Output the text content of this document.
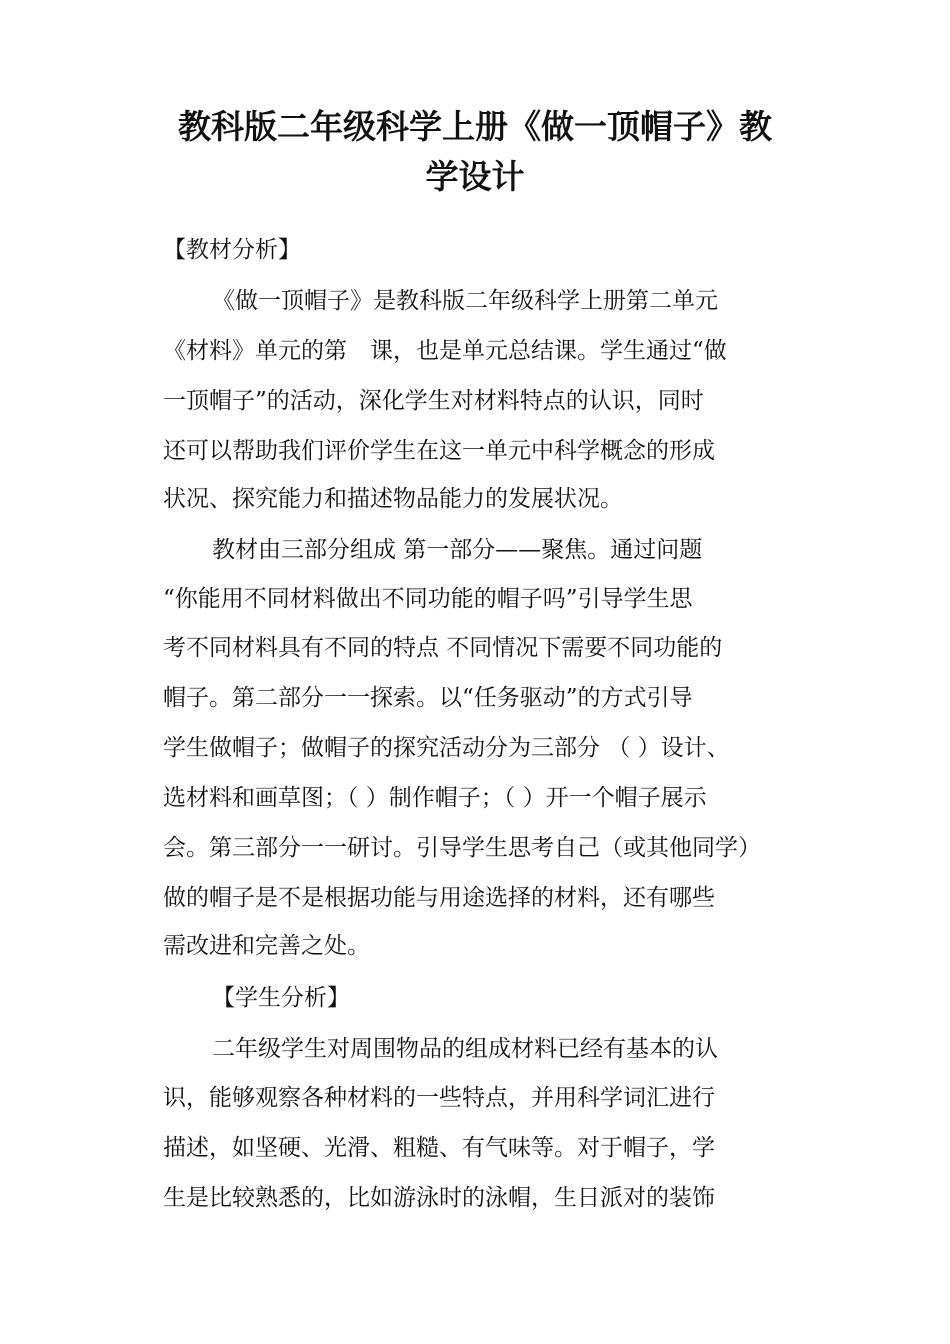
教科版二年级科学上册《做一顶帽子》教
学设计
【教材分析】
《做一顶帽子》是教科版二年级科学上册第二单元
《材料》单元的第　课，也是单元总结课。学生通过“做
一顶帽子”的活动，深化学生对材料特点的认识，同时
还可以帮助我们评价学生在这一单元中科学概念的形成
状况、探究能力和描述物品能力的发展状况。
教材由三部分组成 第一部分——聚焦。通过问题
“你能用不同材料做出不同功能的帽子吗”引导学生思
考不同材料具有不同的特点 不同情况下需要不同功能的
帽子。第二部分一一探索。以“任务驱动”的方式引导
学生做帽子；做帽子的探究活动分为三部分 （ ）设计、
选材料和画草图；（ ）制作帽子；（ ）开一个帽子展示
会。第三部分一一研讨。引导学生思考自己（或其他同学）
做的帽子是不是根据功能与用途选择的材料，还有哪些
需改进和完善之处。
【学生分析】
二年级学生对周围物品的组成材料已经有基本的认
识，能够观察各种材料的一些特点，并用科学词汇进行
描述，如坚硬、光滑、粗糙、有气味等。对于帽子，学
生是比较熟悉的，比如游泳时的泳帽，生日派对的装饰
